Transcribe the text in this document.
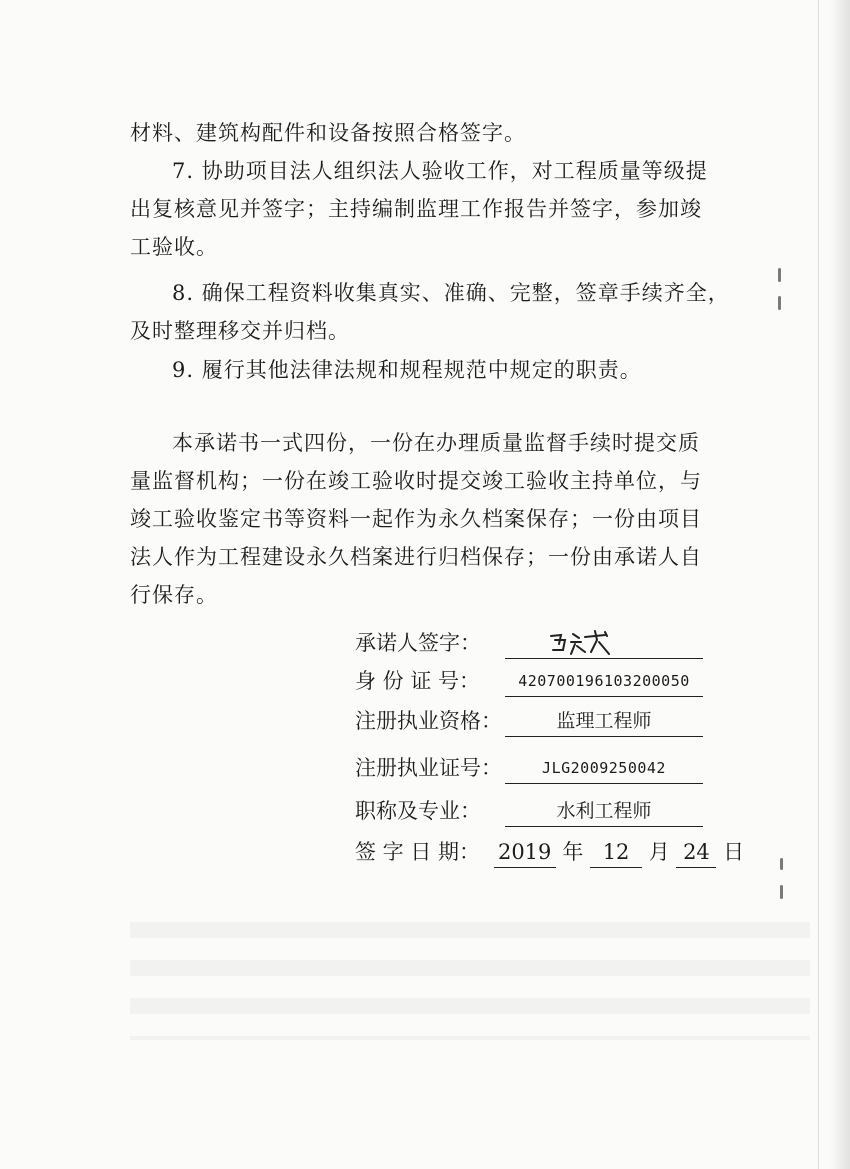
材料、建筑构配件和设备按照合格签字。
7. 协助项目法人组织法人验收工作，对工程质量等级提
出复核意见并签字；主持编制监理工作报告并签字，参加竣
工验收。
8. 确保工程资料收集真实、准确、完整，签章手续齐全，
及时整理移交并归档。
9. 履行其他法律法规和规程规范中规定的职责。
本承诺书一式四份，一份在办理质量监督手续时提交质
量监督机构；一份在竣工验收时提交竣工验收主持单位，与
竣工验收鉴定书等资料一起作为永久档案保存；一份由项目
法人作为工程建设永久档案进行归档保存；一份由承诺人自
行保存。
承诺人签字：
身 份 证 号：	420700196103200050
注册执业资格：	监理工程师
注册执业证号：	JLG2009250042
职称及专业：	水利工程师
签 字 日 期： 2019 年 12 月 24 日
